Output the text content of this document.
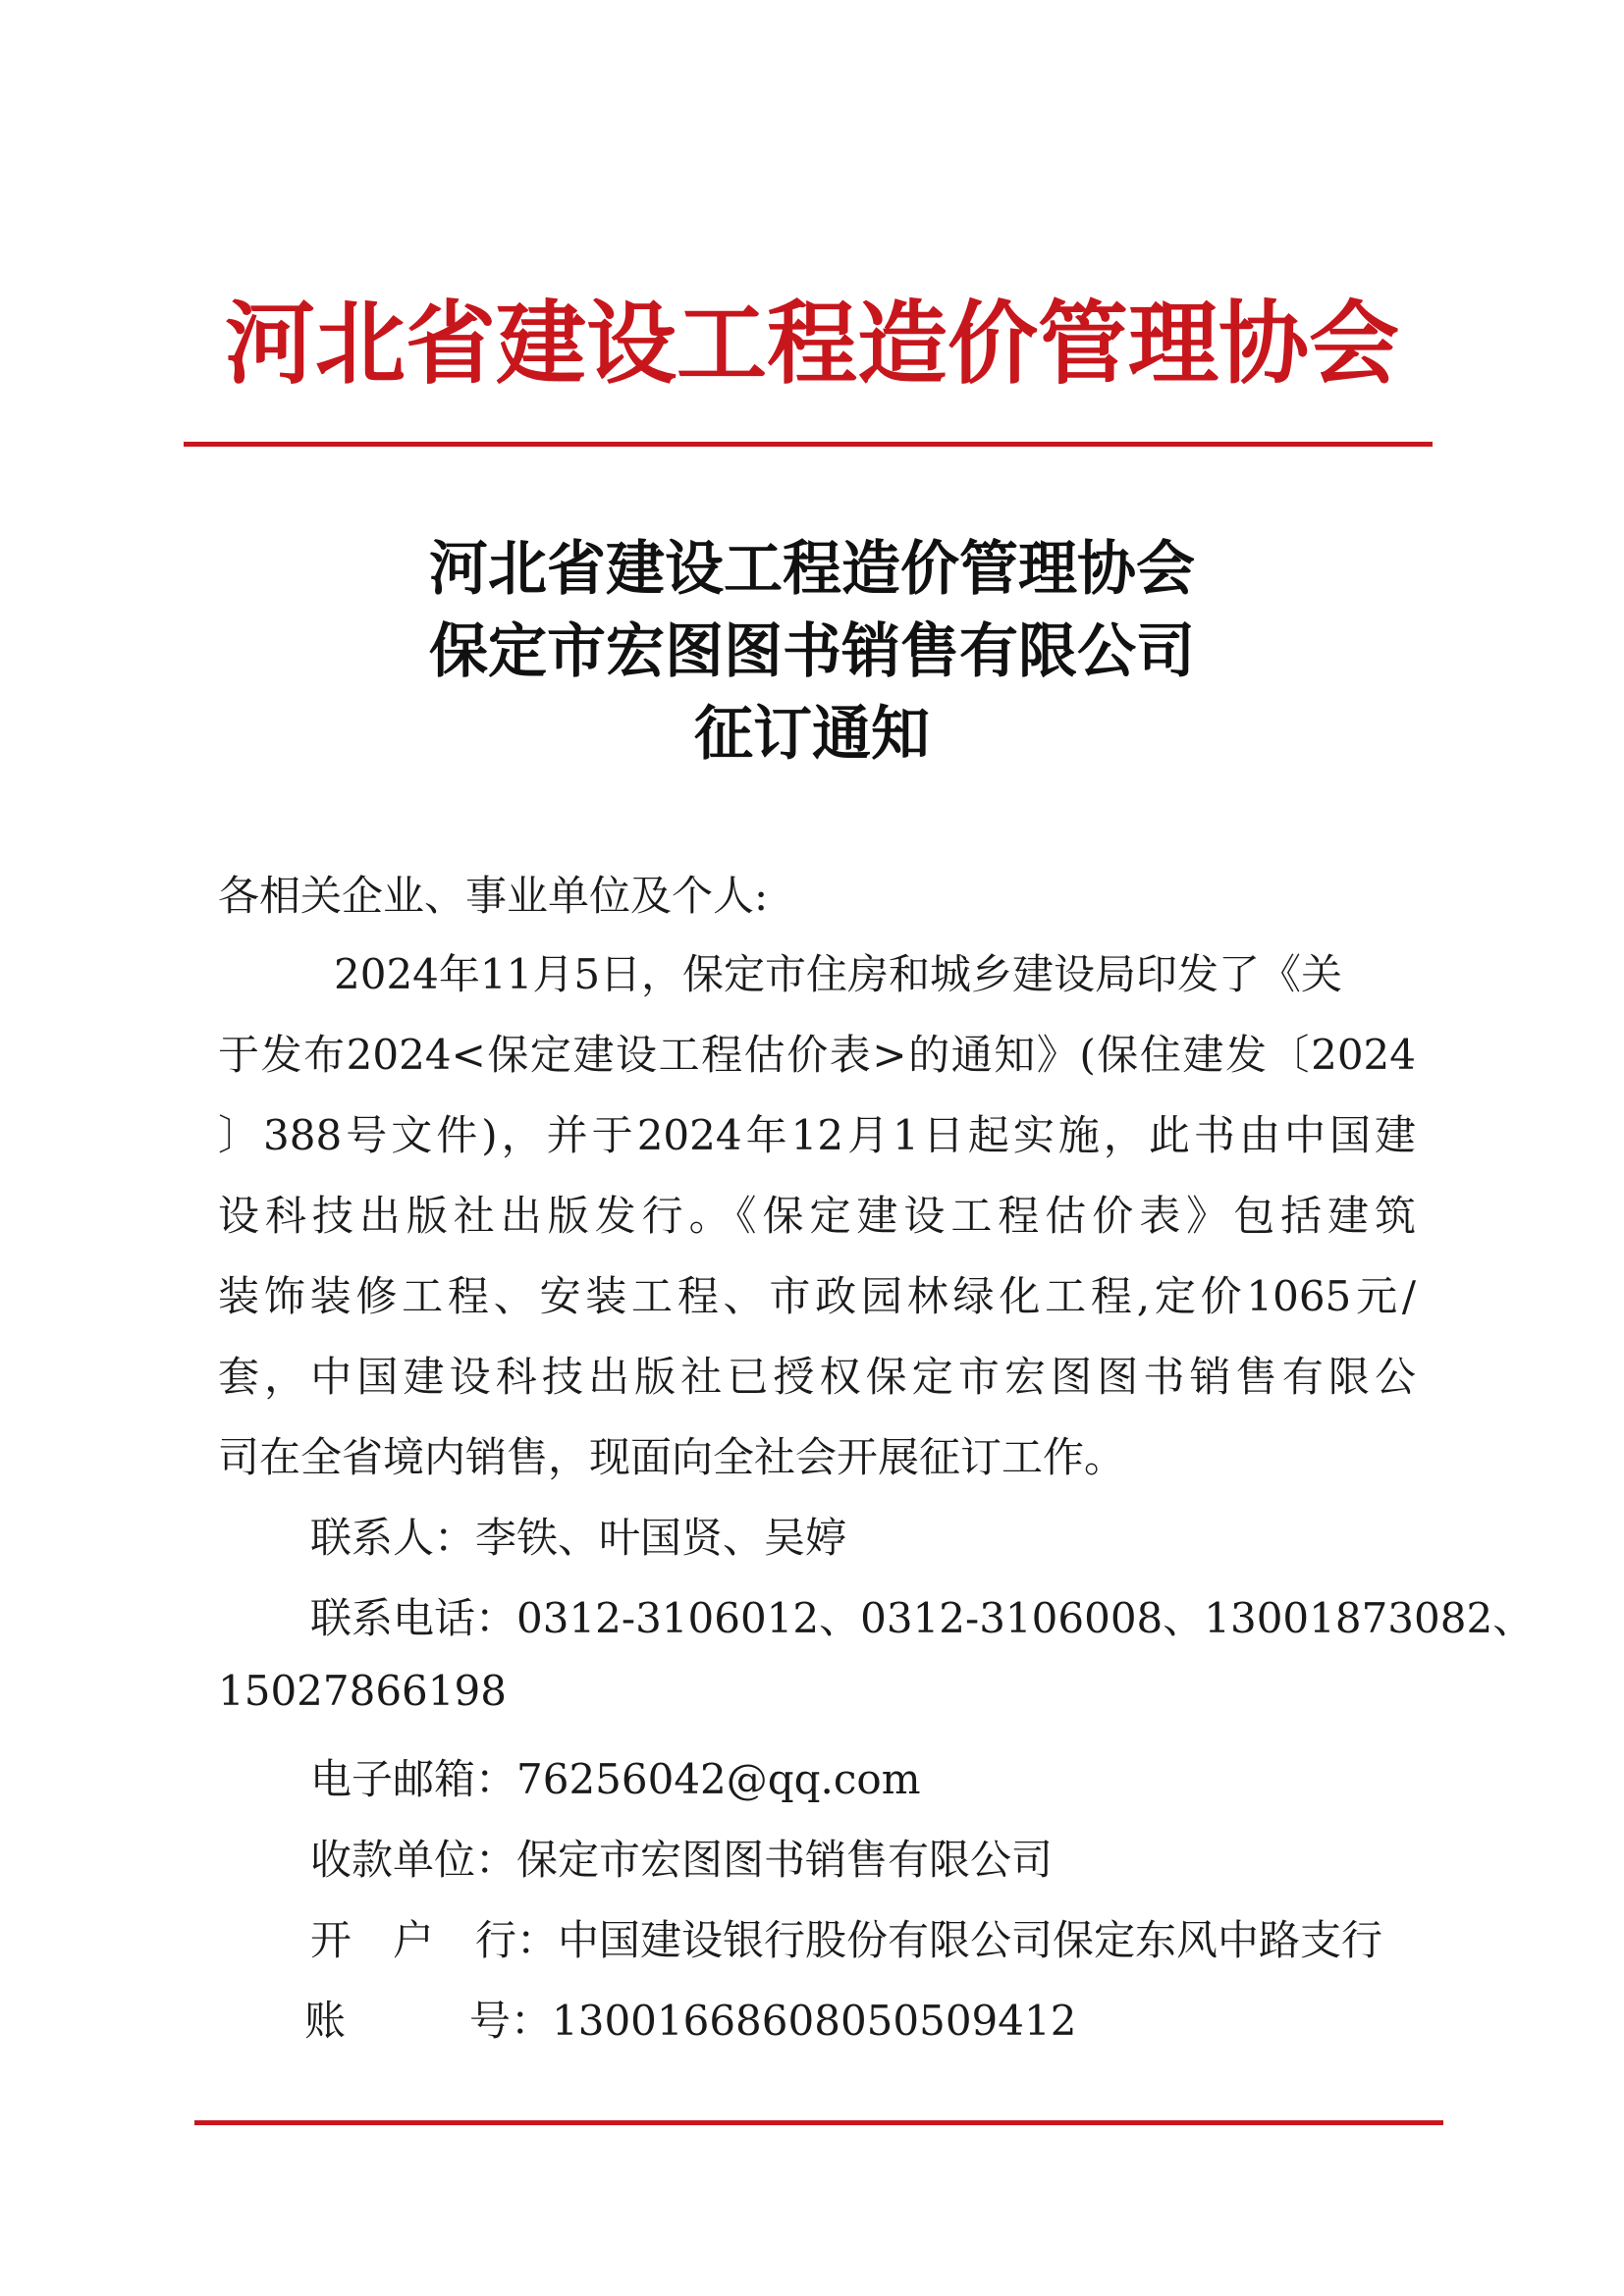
河北省建设工程造价管理协会
河北省建设工程造价管理协会
保定市宏图图书销售有限公司
征订通知
各相关企业、事业单位及个人:
2024年11月5日，保定市住房和城乡建设局印发了《关
于发布2024<保定建设工程估价表>的通知》(保住建发〔2024
〕388号文件)，并于2024年12月1日起实施，此书由中国建
设科技出版社出版发行。《保定建设工程估价表》包括建筑
装饰装修工程、安装工程、市政园林绿化工程,定价1065元/
套，中国建设科技出版社已授权保定市宏图图书销售有限公
司在全省境内销售，现面向全社会开展征订工作。
联系人：李铁、叶国贤、吴婷
联系电话：0312-3106012、0312-3106008、13001873082、
15027866198
电子邮箱：76256042@qq.com
收款单位：保定市宏图图书销售有限公司
开　户　行：中国建设银行股份有限公司保定东风中路支行
账　　　号：13001668608050509412
